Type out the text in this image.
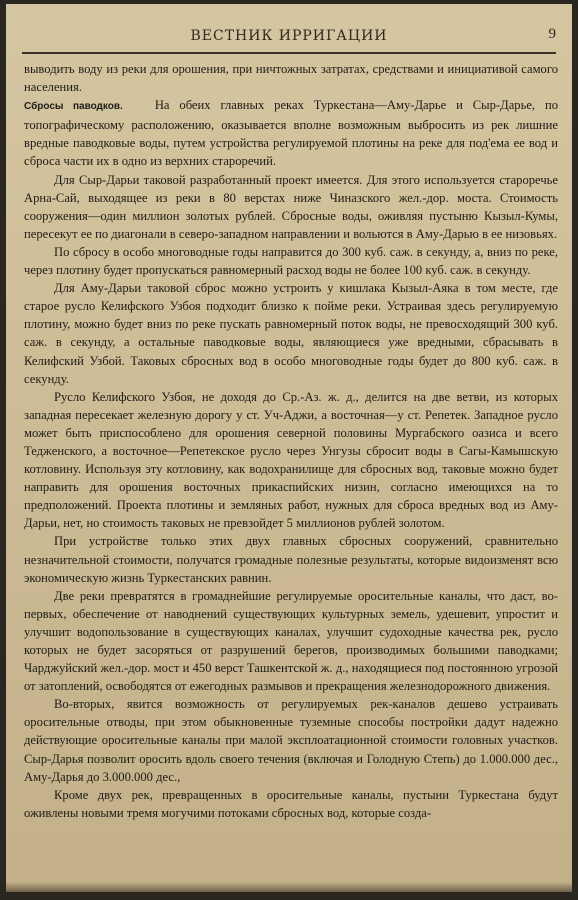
ВЕСТНИК ИРРИГАЦИИ	9

выводить воду из реки для орошения, при ничтожных затратах, средствами и инициативой самого населения.

Сбросы паводков.	На обеих главных реках Туркестана—Аму-Дарье и Сыр-Дарье, по топографическому расположению, оказывается вполне возможным выбросить из рек лишние вредные паводковые воды, путем устройства регулируемой плотины на реке для под'ема ее вод и сброса части их в одно из верхних староречий.

Для Сыр-Дарьи таковой разработанный проект имеется. Для этого используется староречье Арна-Сай, выходящее из реки в 80 верстах ниже Чиназского жел.-дор. моста. Стоимость сооружения—один миллион золотых рублей. Сбросные воды, оживляя пустыню Кызыл-Кумы, пересекут ее по диагонали в северо-западном направлении и вольются в Аму-Дарью в ее низовьях.

По сбросу в особо многоводные годы направится до 300 куб. саж. в секунду, а, вниз по реке, через плотину будет пропускаться равномерный расход воды не более 100 куб. саж. в секунду.

Для Аму-Дарьи таковой сброс можно устроить у кишлака Кызыл-Аяка в том месте, где старое русло Келифского Узбоя подходит близко к пойме реки. Устраивая здесь регулируемую плотину, можно будет вниз по реке пускать равномерный поток воды, не превосходящий 300 куб. саж. в секунду, а остальные паводковые воды, являющиеся уже вредными, сбрасывать в Келифский Узбой. Таковых сбросных вод в особо многоводные годы будет до 800 куб. саж. в секунду.

Русло Келифского Узбоя, не доходя до Ср.-Аз. ж. д., делится на две ветви, из которых западная пересекает железную дорогу у ст. Уч-Аджи, а восточная—у ст. Репетек. Западное русло может быть приспособлено для орошения северной половины Мургабского оазиса и всего Теджeнского, а восточное—Репетекское русло через Унгузы сбросит воды в Сагы-Камышскую котловину. Используя эту котловину, как водохранилище для сбросных вод, таковые можно будет направить для орошения восточных прикаспийских низин, согласно имеющихся на то предположений. Проекта плотины и земляных работ, нужных для сброса вредных вод из Аму-Дарьи, нет, но стоимость таковых не превзойдет 5 миллионов рублей золотом.

При устройстве только этих двух главных сбросных сооружений, сравнительно незначительной стоимости, получатся громадные полезные результаты, которые видоизменят всю экономическую жизнь Туркестанских равнин.

Две реки превратятся в громаднейшие регулируемые оросительные каналы, что даст, во-первых, обеспечение от наводнений существующих культурных земель, удешевит, упростит и улучшит водопользование в существующих каналах, улучшит судоходные качества рек, русло которых не будет засоряться от разрушений берегов, производимых большими паводками; Чарджуйский жел.-дор. мост и 450 верст Ташкентской ж. д., находящиеся под постоянною угрозой от затоплений, освободятся от ежегодных размывов и прекращения железнодорожного движения.

Во-вторых, явится возможность от регулируемых рек-каналов дешево устраивать оросительные отводы, при этом обыкновенные туземные способы постройки дадут надежно действующие оросительные каналы при малой эксплоатационной стоимости головных участков. Сыр-Дарья позволит оросить вдоль своего течения (включая и Голодную Степь) до 1.000.000 дес., Аму-Дарья до 3.000.000 дес.,

Кроме двух рек, превращенных в оросительные каналы, пустыни Туркестана будут оживлены новыми тремя могучими потоками сбросных вод, которые созда-
